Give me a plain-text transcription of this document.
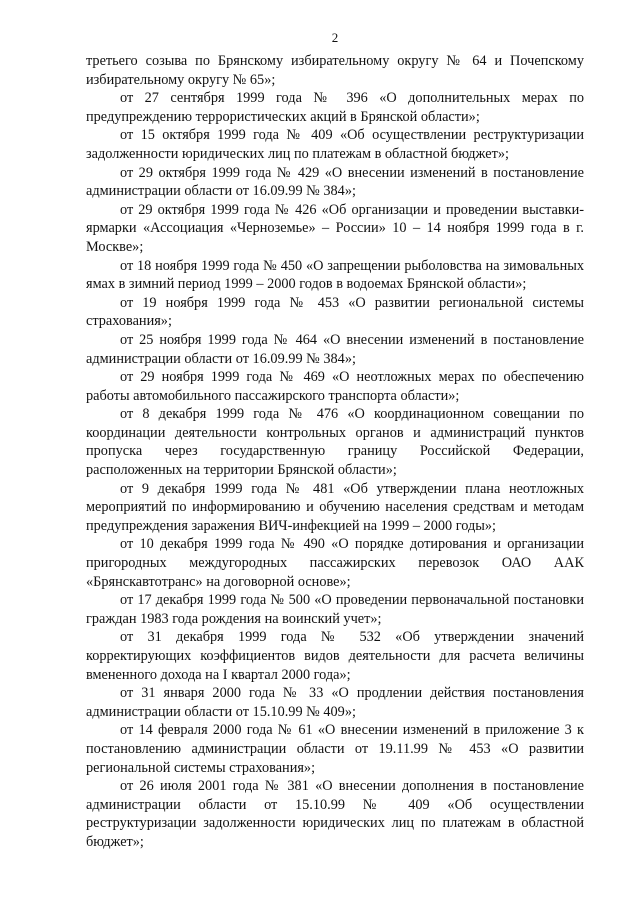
2

третьего созыва по Брянскому избирательному округу № 64 и Почепскому избирательному округу № 65»;

от 27 сентября 1999 года № 396 «О дополнительных мерах по предупреждению террористических акций в Брянской области»;

от 15 октября 1999 года № 409 «Об осуществлении реструктуризации задолженности юридических лиц по платежам в областной бюджет»;

от 29 октября 1999 года № 429 «О внесении изменений в постановление администрации области от 16.09.99 № 384»;

от 29 октября 1999 года № 426 «Об организации и проведении выставки-ярмарки «Ассоциация «Черноземье» – России» 10 – 14 ноября 1999 года в г. Москве»;

от 18 ноября 1999 года № 450 «О запрещении рыболовства на зимовальных ямах в зимний период 1999 – 2000 годов в водоемах Брянской области»;

от 19 ноября 1999 года № 453 «О развитии региональной системы страхования»;

от 25 ноября 1999 года № 464 «О внесении изменений в постановление администрации области от 16.09.99 № 384»;

от 29 ноября 1999 года № 469 «О неотложных мерах по обеспечению работы автомобильного пассажирского транспорта области»;

от 8 декабря 1999 года № 476 «О координационном совещании по координации деятельности контрольных органов и администраций пунктов пропуска через государственную границу Российской Федерации, расположенных на территории Брянской области»;

от 9 декабря 1999 года № 481 «Об утверждении плана неотложных мероприятий по информированию и обучению населения средствам и методам предупреждения заражения ВИЧ-инфекцией на 1999 – 2000 годы»;

от 10 декабря 1999 года № 490 «О порядке дотирования и организации пригородных междугородных пассажирских перевозок ОАО ААК «Брянскавтотранс» на договорной основе»;

от 17 декабря 1999 года № 500 «О проведении первоначальной постановки граждан 1983 года рождения на воинский учет»;

от 31 декабря 1999 года № 532 «Об утверждении значений корректирующих коэффициентов видов деятельности для расчета величины вмененного дохода на I квартал 2000 года»;

от 31 января 2000 года № 33 «О продлении действия постановления администрации области от 15.10.99 № 409»;

от 14 февраля 2000 года № 61 «О внесении изменений в приложение 3 к постановлению администрации области от 19.11.99 № 453 «О развитии региональной системы страхования»;

от 26 июля 2001 года № 381 «О внесении дополнения в постановление администрации области от 15.10.99 № 409 «Об осуществлении реструктуризации задолженности юридических лиц по платежам в областной бюджет»;
